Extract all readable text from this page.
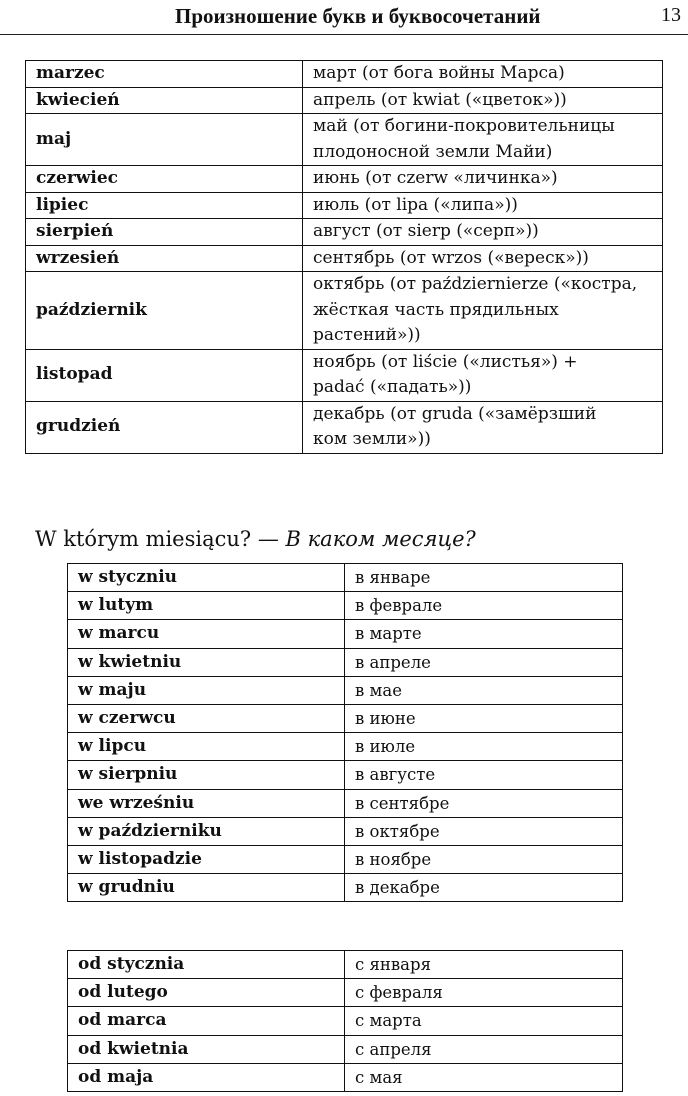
Произношение букв и буквосочетаний	13
marzec	март (от бога войны Марса)

kwiecień	апрель (от kwiat («цветок»))

maj	май (от богини-покровительницы
плодоносной земли Майи)

czerwiec	июнь (от czerw «личинка»)

lipiec	июль (от lipa («липа»))

sierpień	август (от sierp («серп»))

wrzesień	сентябрь (от wrzos («вереск»))

październik	октябрь (от październierze («костра,
жёсткая часть прядильных
растений»))

listopad	ноябрь (от liście («листья») +
padać («падать»))

grudzień	декабрь (от gruda («замёрзший
ком земли»))
W którym miesiącu? — В каком месяце?
w styczniu	в январе
w lutym	в феврале
w marcu	в марте
w kwietniu	в апреле
w maju	в мае
w czerwcu	в июне
w lipcu	в июле
w sierpniu	в августе
we wrześniu	в сентябре
w październiku	в октябре
w listopadzie	в ноябре
w grudniu	в декабре
od stycznia	с января
od lutego	с февраля
od marca	с марта
od kwietnia	с апреля
od maja	с мая
